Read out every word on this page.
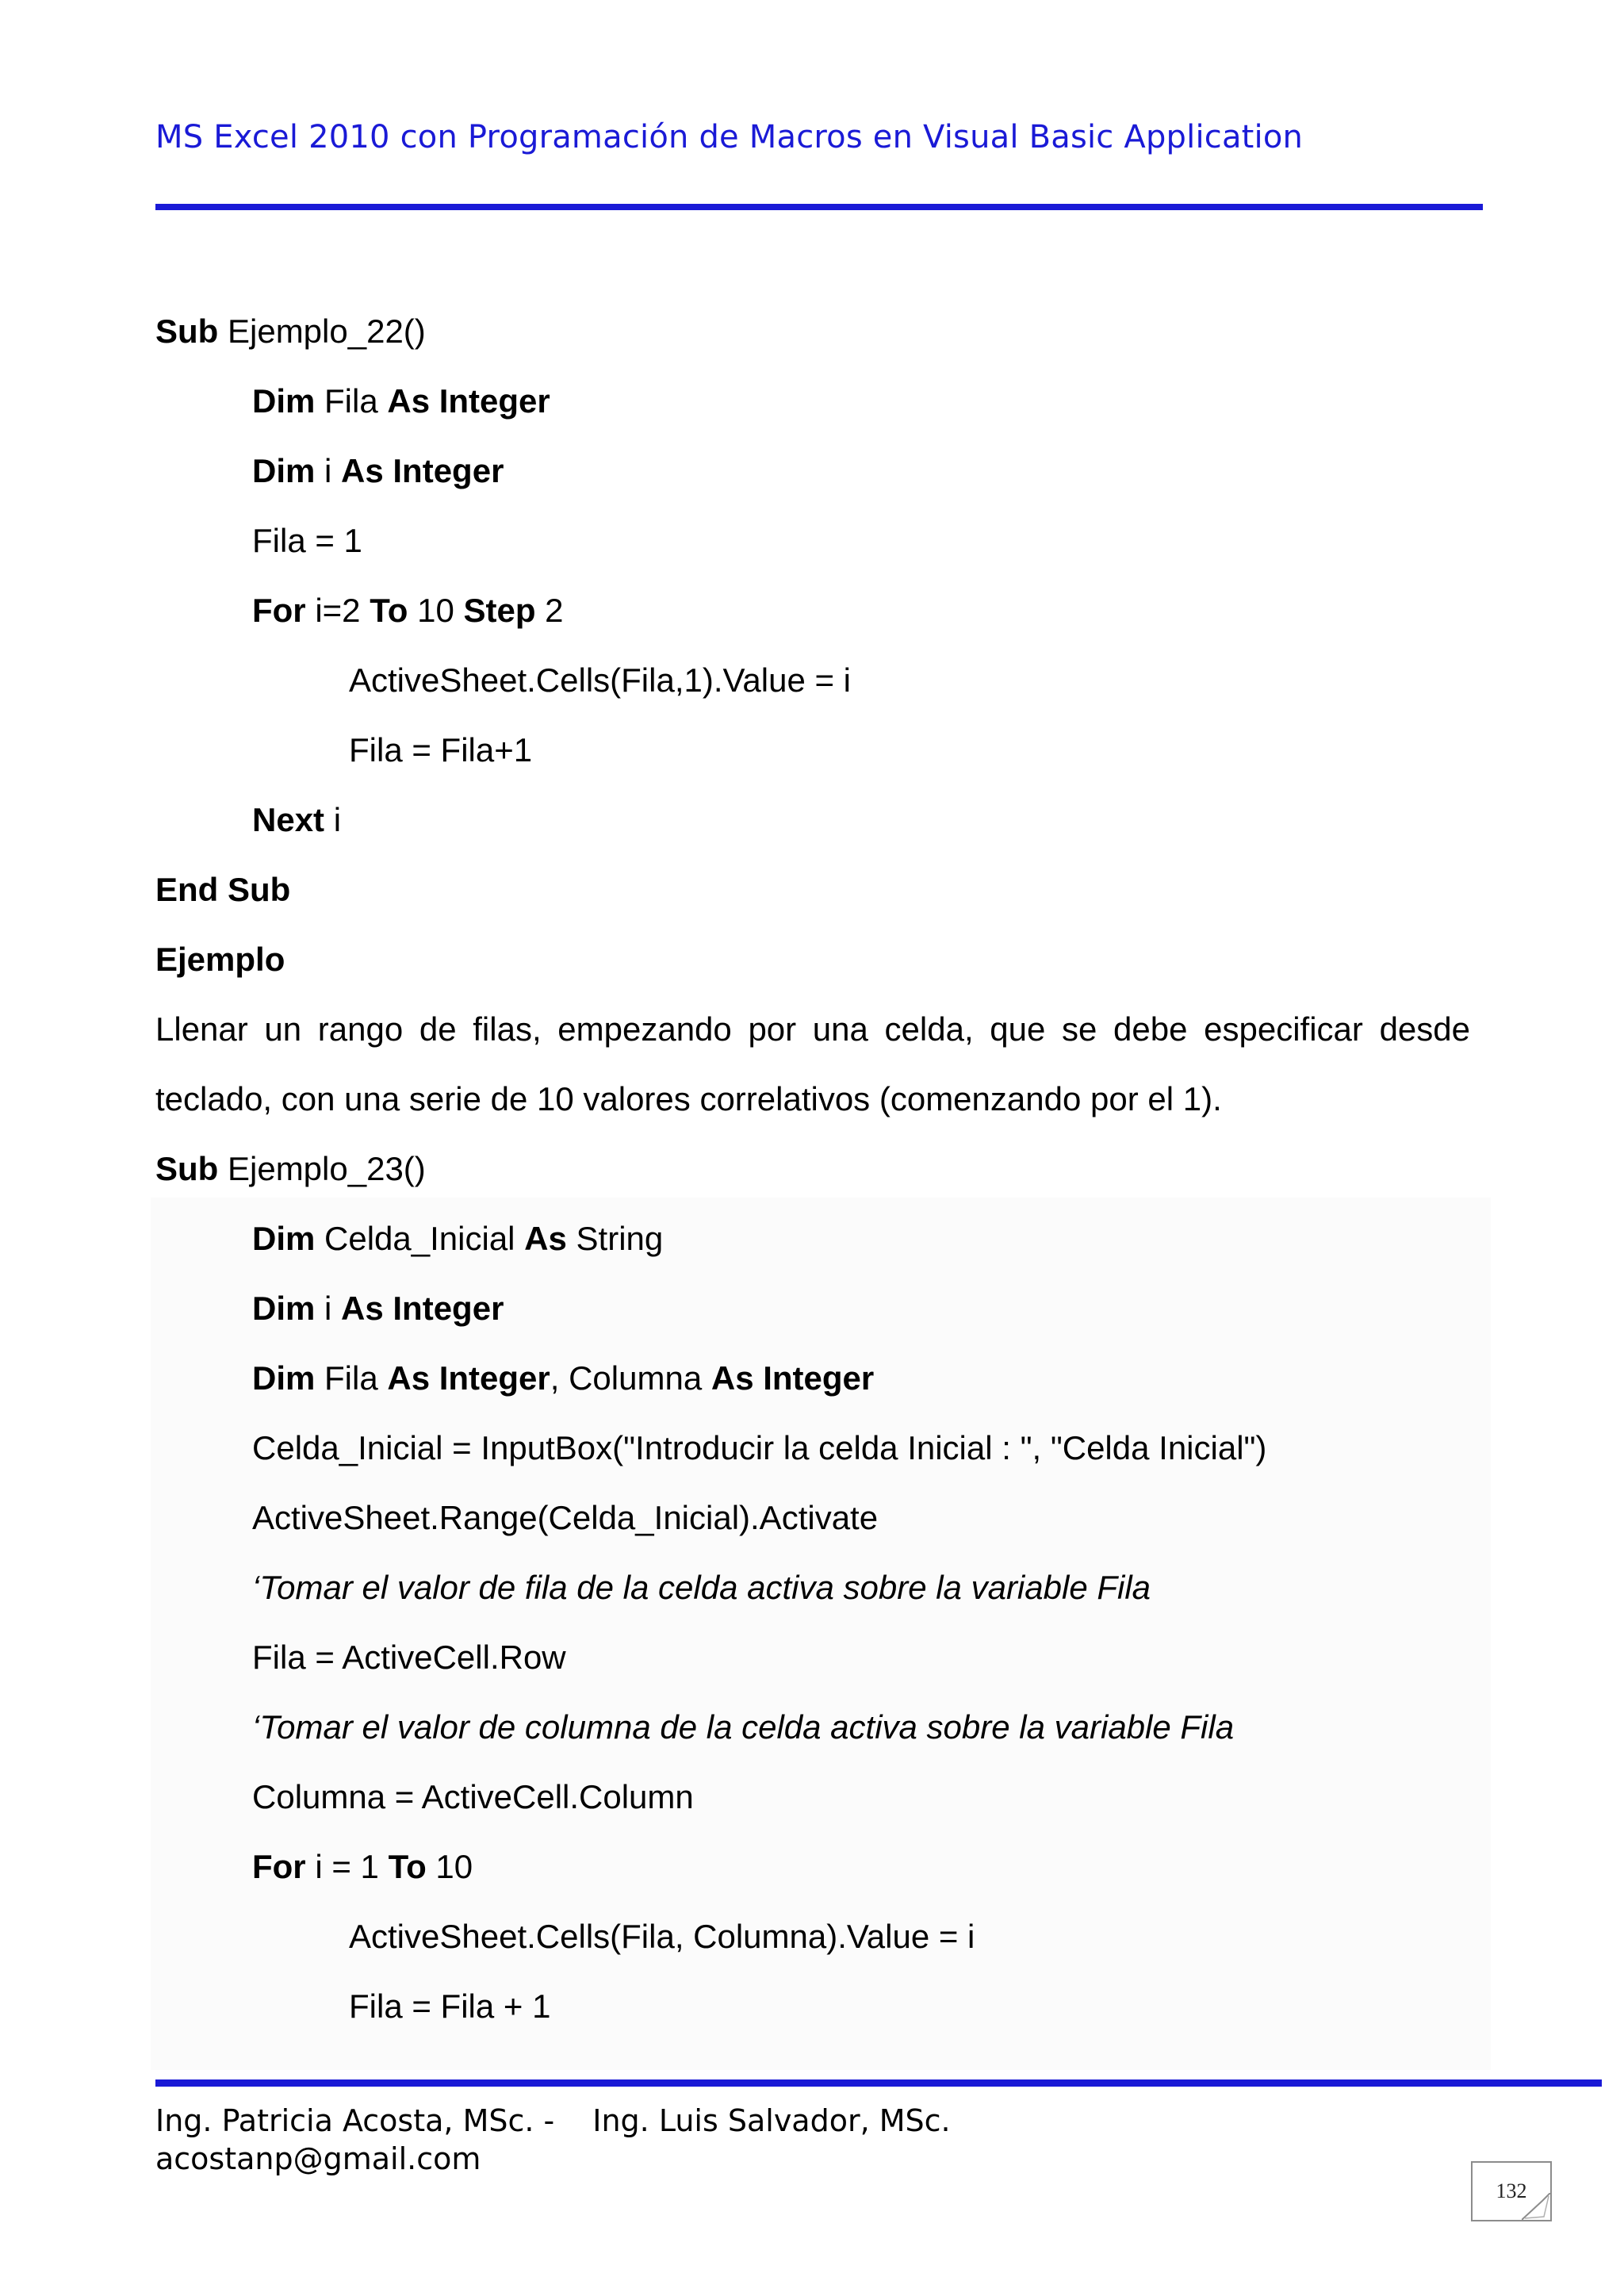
MS Excel 2010 con Programación de Macros en Visual Basic Application
Sub Ejemplo_22()
Dim Fila As Integer
Dim i As Integer
Fila = 1
For i=2 To 10 Step 2
ActiveSheet.Cells(Fila,1).Value = i
Fila = Fila+1
Next i
End Sub
Ejemplo
Llenar un rango de filas, empezando por una celda, que se debe especificar desde
teclado, con una serie de 10 valores correlativos (comenzando por el 1).
Sub Ejemplo_23()
Dim Celda_Inicial As String
Dim i As Integer
Dim Fila As Integer, Columna As Integer
Celda_Inicial = InputBox("Introducir la celda Inicial : ", "Celda Inicial")
ActiveSheet.Range(Celda_Inicial).Activate
‘Tomar el valor de fila de la celda activa sobre la variable Fila
Fila = ActiveCell.Row
‘Tomar el valor de columna de la celda activa sobre la variable Fila
Columna = ActiveCell.Column
For i = 1 To 10
ActiveSheet.Cells(Fila, Columna).Value = i
Fila = Fila + 1
Ing. Patricia Acosta, MSc. - Ing. Luis Salvador, MSc.
acostanp@gmail.com
132
